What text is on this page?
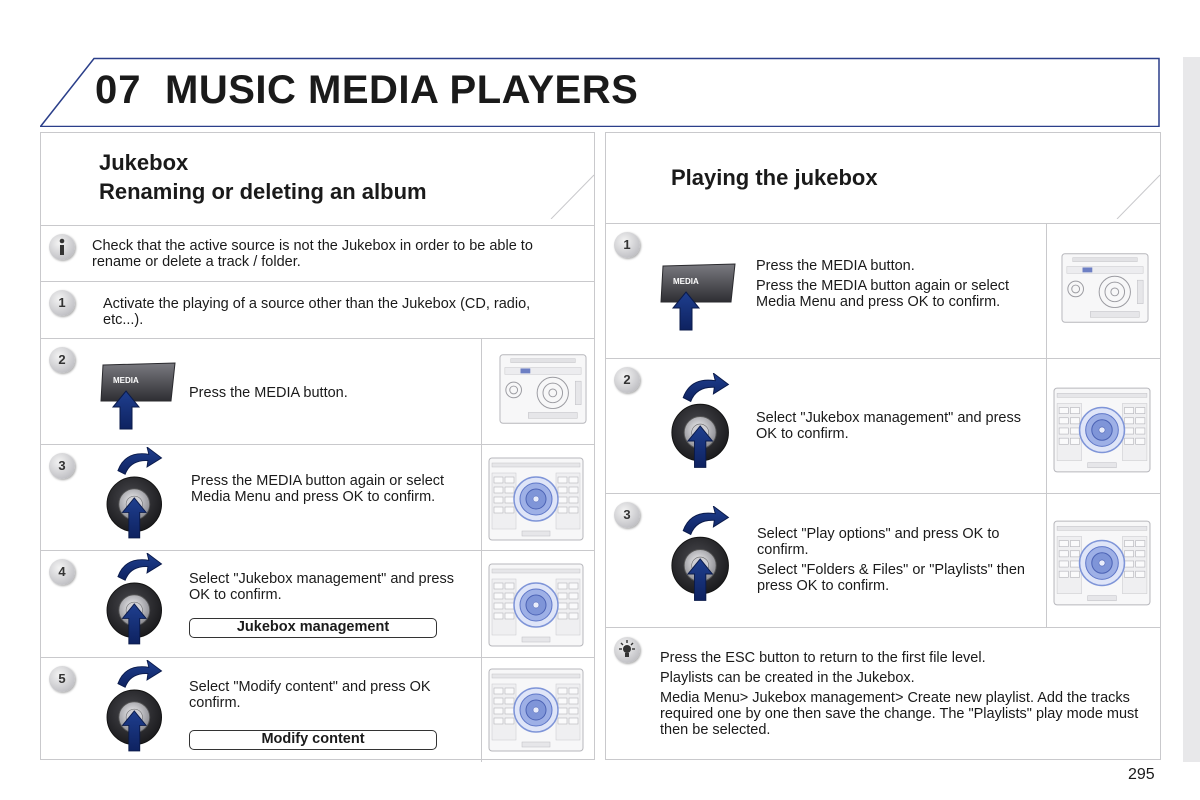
07 MUSIC MEDIA PLAYERS
Jukebox
Renaming or deleting an album
Check that the active source is not the Jukebox in order to be able to rename or delete a track / folder.
1	Activate the playing of a source other than the Jukebox (CD, radio, etc...).
2
Press the MEDIA button.
3
Press the MEDIA button again or select Media Menu and press OK to confirm.
4	Select "Jukebox management" and press OK to confirm.
Jukebox management
5
Select "Modify content" and press OK confirm.
Modify content
Playing the jukebox
1

Press the MEDIA button.

Press the MEDIA button again or select Media Menu and press OK to confirm.

2
Select "Jukebox management" and press OK to confirm.
3

Select "Play options" and press OK to confirm.

Select "Folders & Files" or "Playlists" then press OK to confirm.

Press the ESC button to return to the first file level.

Playlists can be created in the Jukebox.

Media Menu> Jukebox management> Create new playlist. Add the tracks required one by one then save the change. The "Playlists" play mode must then be selected.

295
